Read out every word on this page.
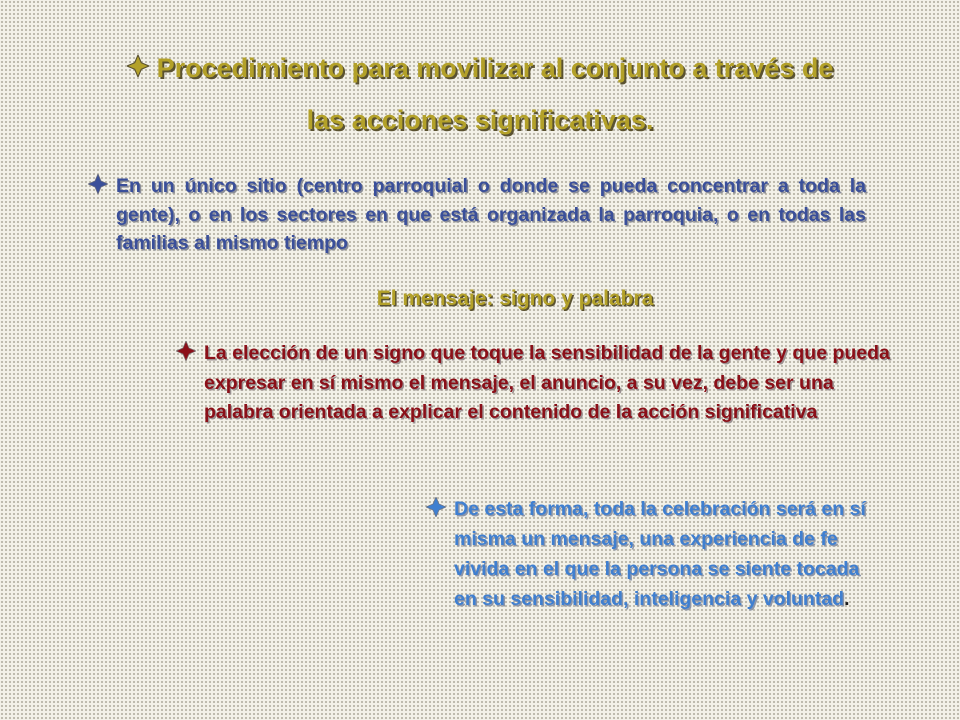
Procedimiento para movilizar al conjunto a través de
las acciones significativas.
En un único sitio (centro parroquial o donde se pueda concentrar a toda la gente), o en los sectores en que está organizada la parroquia, o en todas las familias al mismo tiempo
El mensaje: signo y palabra
La elección de un signo que toque la sensibilidad de la gente y que pueda expresar en sí mismo el mensaje, el anuncio, a su vez, debe ser una palabra orientada a explicar el contenido de la acción significativa
De esta forma, toda la celebración será en sí misma un mensaje, una experiencia de fe vivida en el que la persona se siente tocada en su sensibilidad, inteligencia y voluntad.
